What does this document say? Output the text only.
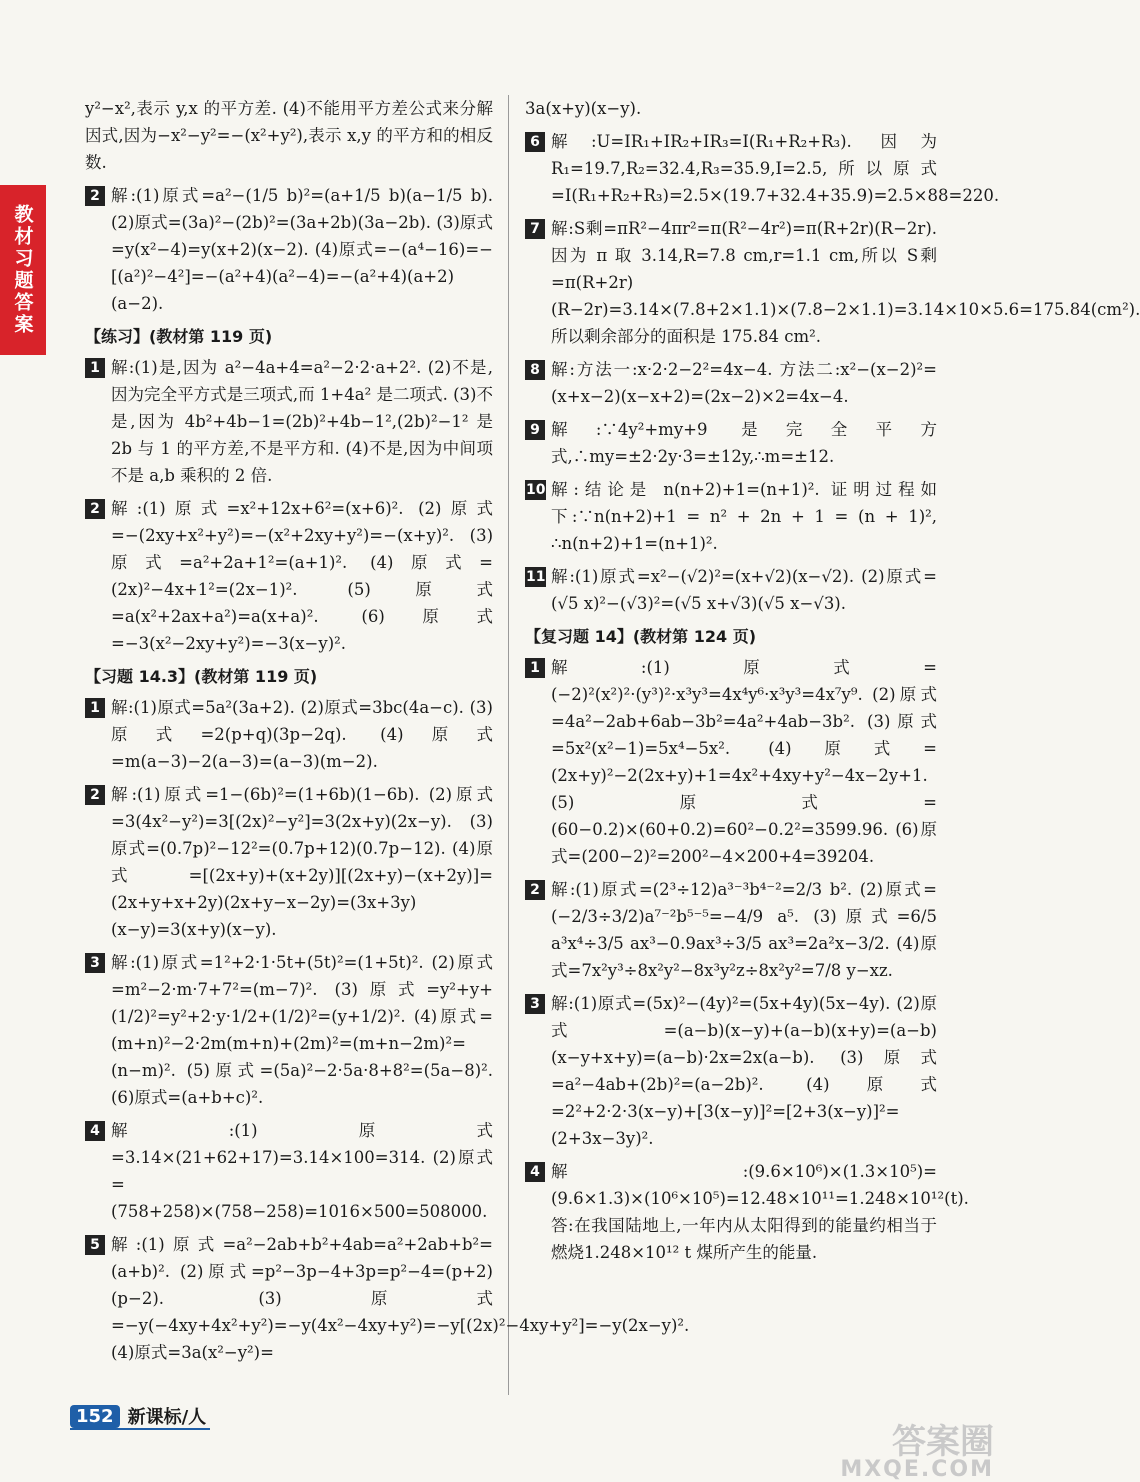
教材习题答案
y²−x²,表示 y,x 的平方差. (4)不能用平方差公式来分解因式,因为−x²−y²=−(x²+y²),表示 x,y 的平方和的相反数.
2 解:(1)原式=a²−(1/5 b)²=(a+1/5 b)(a−1/5 b). (2)原式=(3a)²−(2b)²=(3a+2b)(3a−2b). (3)原式=y(x²−4)=y(x+2)(x−2). (4)原式=−(a⁴−16)=−[(a²)²−4²]=−(a²+4)(a²−4)=−(a²+4)(a+2)(a−2).
【练习】(教材第 119 页)
1 解:(1)是,因为 a²−4a+4=a²−2·2·a+2². (2)不是,因为完全平方式是三项式,而 1+4a² 是二项式. (3)不是,因为 4b²+4b−1=(2b)²+4b−1²,(2b)²−1² 是 2b 与 1 的平方差,不是平方和. (4)不是,因为中间项不是 a,b 乘积的 2 倍.
2 解:(1)原式=x²+12x+6²=(x+6)². (2)原式=−(2xy+x²+y²)=−(x²+2xy+y²)=−(x+y)². (3)原式=a²+2a+1²=(a+1)². (4)原式=(2x)²−4x+1²=(2x−1)². (5)原式=a(x²+2ax+a²)=a(x+a)². (6)原式=−3(x²−2xy+y²)=−3(x−y)².
【习题 14.3】(教材第 119 页)
1 解:(1)原式=5a²(3a+2). (2)原式=3bc(4a−c). (3)原式=2(p+q)(3p−2q). (4)原式=m(a−3)−2(a−3)=(a−3)(m−2).
2 解:(1)原式=1−(6b)²=(1+6b)(1−6b). (2)原式=3(4x²−y²)=3[(2x)²−y²]=3(2x+y)(2x−y). (3)原式=(0.7p)²−12²=(0.7p+12)(0.7p−12). (4)原式=[(2x+y)+(x+2y)][(2x+y)−(x+2y)]=(2x+y+x+2y)(2x+y−x−2y)=(3x+3y)(x−y)=3(x+y)(x−y).
3 解:(1)原式=1²+2·1·5t+(5t)²=(1+5t)². (2)原式=m²−2·m·7+7²=(m−7)². (3)原式=y²+y+(1/2)²=y²+2·y·1/2+(1/2)²=(y+1/2)². (4)原式=(m+n)²−2·2m(m+n)+(2m)²=(m+n−2m)²=(n−m)². (5)原式=(5a)²−2·5a·8+8²=(5a−8)². (6)原式=(a+b+c)².
4 解:(1)原式=3.14×(21+62+17)=3.14×100=314. (2)原式=(758+258)×(758−258)=1016×500=508000.
5 解:(1)原式=a²−2ab+b²+4ab=a²+2ab+b²=(a+b)². (2)原式=p²−3p−4+3p=p²−4=(p+2)(p−2). (3)原式=−y(−4xy+4x²+y²)=−y(4x²−4xy+y²)=−y[(2x)²−4xy+y²]=−y(2x−y)². (4)原式=3a(x²−y²)=
3a(x+y)(x−y).
6 解:U=IR₁+IR₂+IR₃=I(R₁+R₂+R₃). 因为 R₁=19.7,R₂=32.4,R₃=35.9,I=2.5,所以原式=I(R₁+R₂+R₃)=2.5×(19.7+32.4+35.9)=2.5×88=220.
7 解:S剩=πR²−4πr²=π(R²−4r²)=π(R+2r)(R−2r). 因为 π 取 3.14,R=7.8 cm,r=1.1 cm,所以 S剩=π(R+2r)(R−2r)=3.14×(7.8+2×1.1)×(7.8−2×1.1)=3.14×10×5.6=175.84(cm²). 所以剩余部分的面积是 175.84 cm².
8 解:方法一:x·2·2−2²=4x−4. 方法二:x²−(x−2)²=(x+x−2)(x−x+2)=(2x−2)×2=4x−4.
9 解:∵4y²+my+9 是完全平方式,∴my=±2·2y·3=±12y,∴m=±12.
10 解:结论是 n(n+2)+1=(n+1)². 证明过程如下:∵n(n+2)+1 = n² + 2n + 1 = (n + 1)², ∴n(n+2)+1=(n+1)².
11 解:(1)原式=x²−(√2)²=(x+√2)(x−√2). (2)原式=(√5 x)²−(√3)²=(√5 x+√3)(√5 x−√3).
【复习题 14】(教材第 124 页)
1 解:(1)原式=(−2)²(x²)²·(y³)²·x³y³=4x⁴y⁶·x³y³=4x⁷y⁹. (2)原式=4a²−2ab+6ab−3b²=4a²+4ab−3b². (3)原式=5x²(x²−1)=5x⁴−5x². (4)原式=(2x+y)²−2(2x+y)+1=4x²+4xy+y²−4x−2y+1. (5)原式=(60−0.2)×(60+0.2)=60²−0.2²=3599.96. (6)原式=(200−2)²=200²−4×200+4=39204.
2 解:(1)原式=(2³÷12)a³⁻³b⁴⁻²=2/3 b². (2)原式=(−2/3÷3/2)a⁷⁻²b⁵⁻⁵=−4/9 a⁵. (3)原式=6/5 a³x⁴÷3/5 ax³−0.9ax³÷3/5 ax³=2a²x−3/2. (4)原式=7x²y³÷8x²y²−8x³y²z÷8x²y²=7/8 y−xz.
3 解:(1)原式=(5x)²−(4y)²=(5x+4y)(5x−4y). (2)原式=(a−b)(x−y)+(a−b)(x+y)=(a−b)(x−y+x+y)=(a−b)·2x=2x(a−b). (3)原式=a²−4ab+(2b)²=(a−2b)². (4)原式=2²+2·2·3(x−y)+[3(x−y)]²=[2+3(x−y)]²=(2+3x−3y)².
4 解:(9.6×10⁶)×(1.3×10⁵)=(9.6×1.3)×(10⁶×10⁵)=12.48×10¹¹=1.248×10¹²(t). 答:在我国陆地上,一年内从太阳得到的能量约相当于燃烧1.248×10¹² t 煤所产生的能量.
152 新课标/人
答案圈
MXQE.COM
